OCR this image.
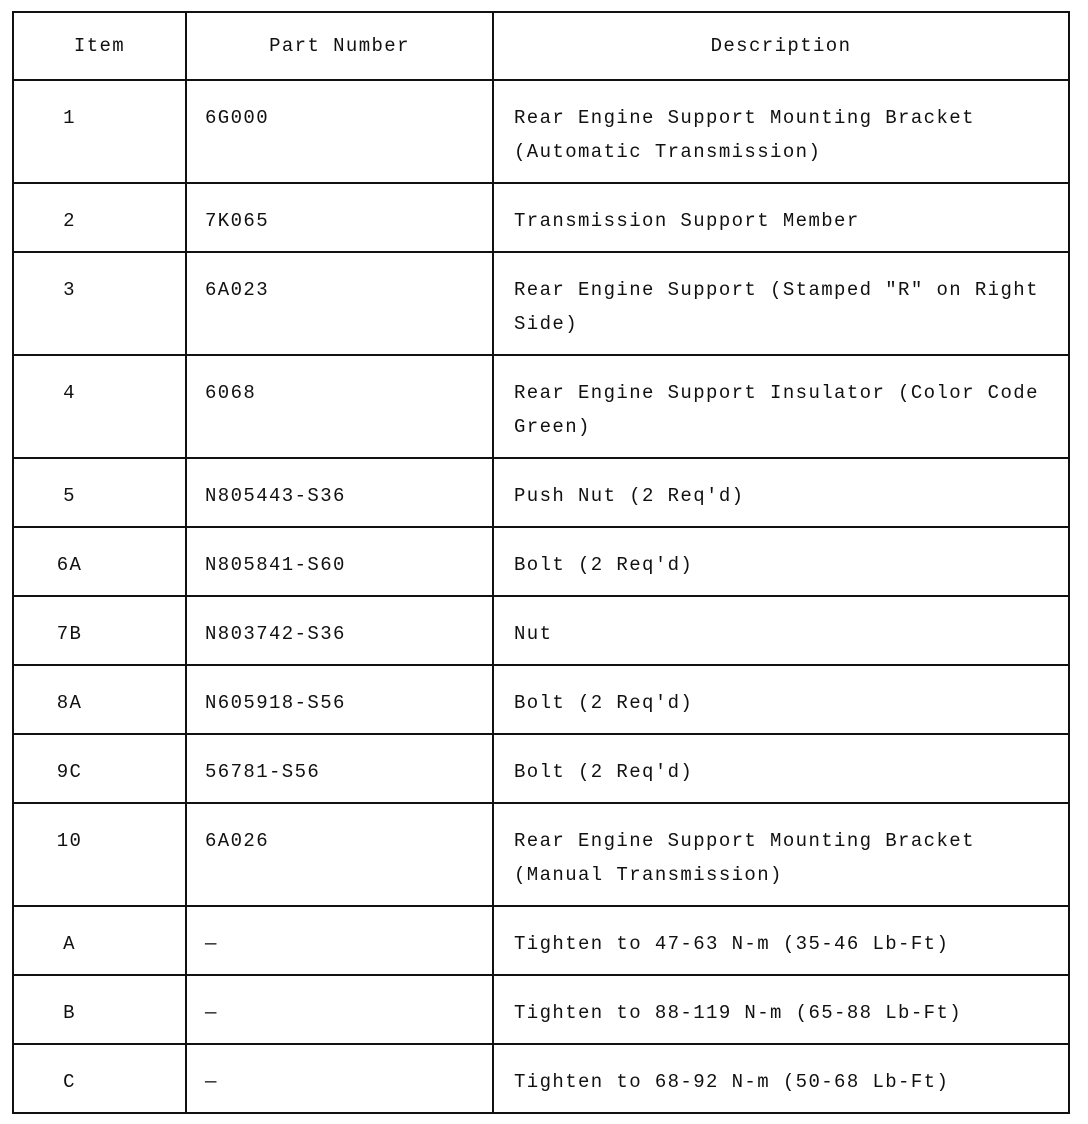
Item	Part Number	Description
1	6G000	Rear Engine Support Mounting Bracket (Automatic Transmission)
2	7K065	Transmission Support Member
3	6A023	Rear Engine Support (Stamped "R" on Right Side)
4	6068	Rear Engine Support Insulator (Color Code Green)
5	N805443-S36	Push Nut (2 Req'd)
6A	N805841-S60	Bolt (2 Req'd)
7B	N803742-S36	Nut
8A	N605918-S56	Bolt (2 Req'd)
9C	56781-S56	Bolt (2 Req'd)
10	6A026	Rear Engine Support Mounting Bracket (Manual Transmission)
A	—	Tighten to 47-63 N-m (35-46 Lb-Ft)
B	—	Tighten to 88-119 N-m (65-88 Lb-Ft)
C	—	Tighten to 68-92 N-m (50-68 Lb-Ft)
